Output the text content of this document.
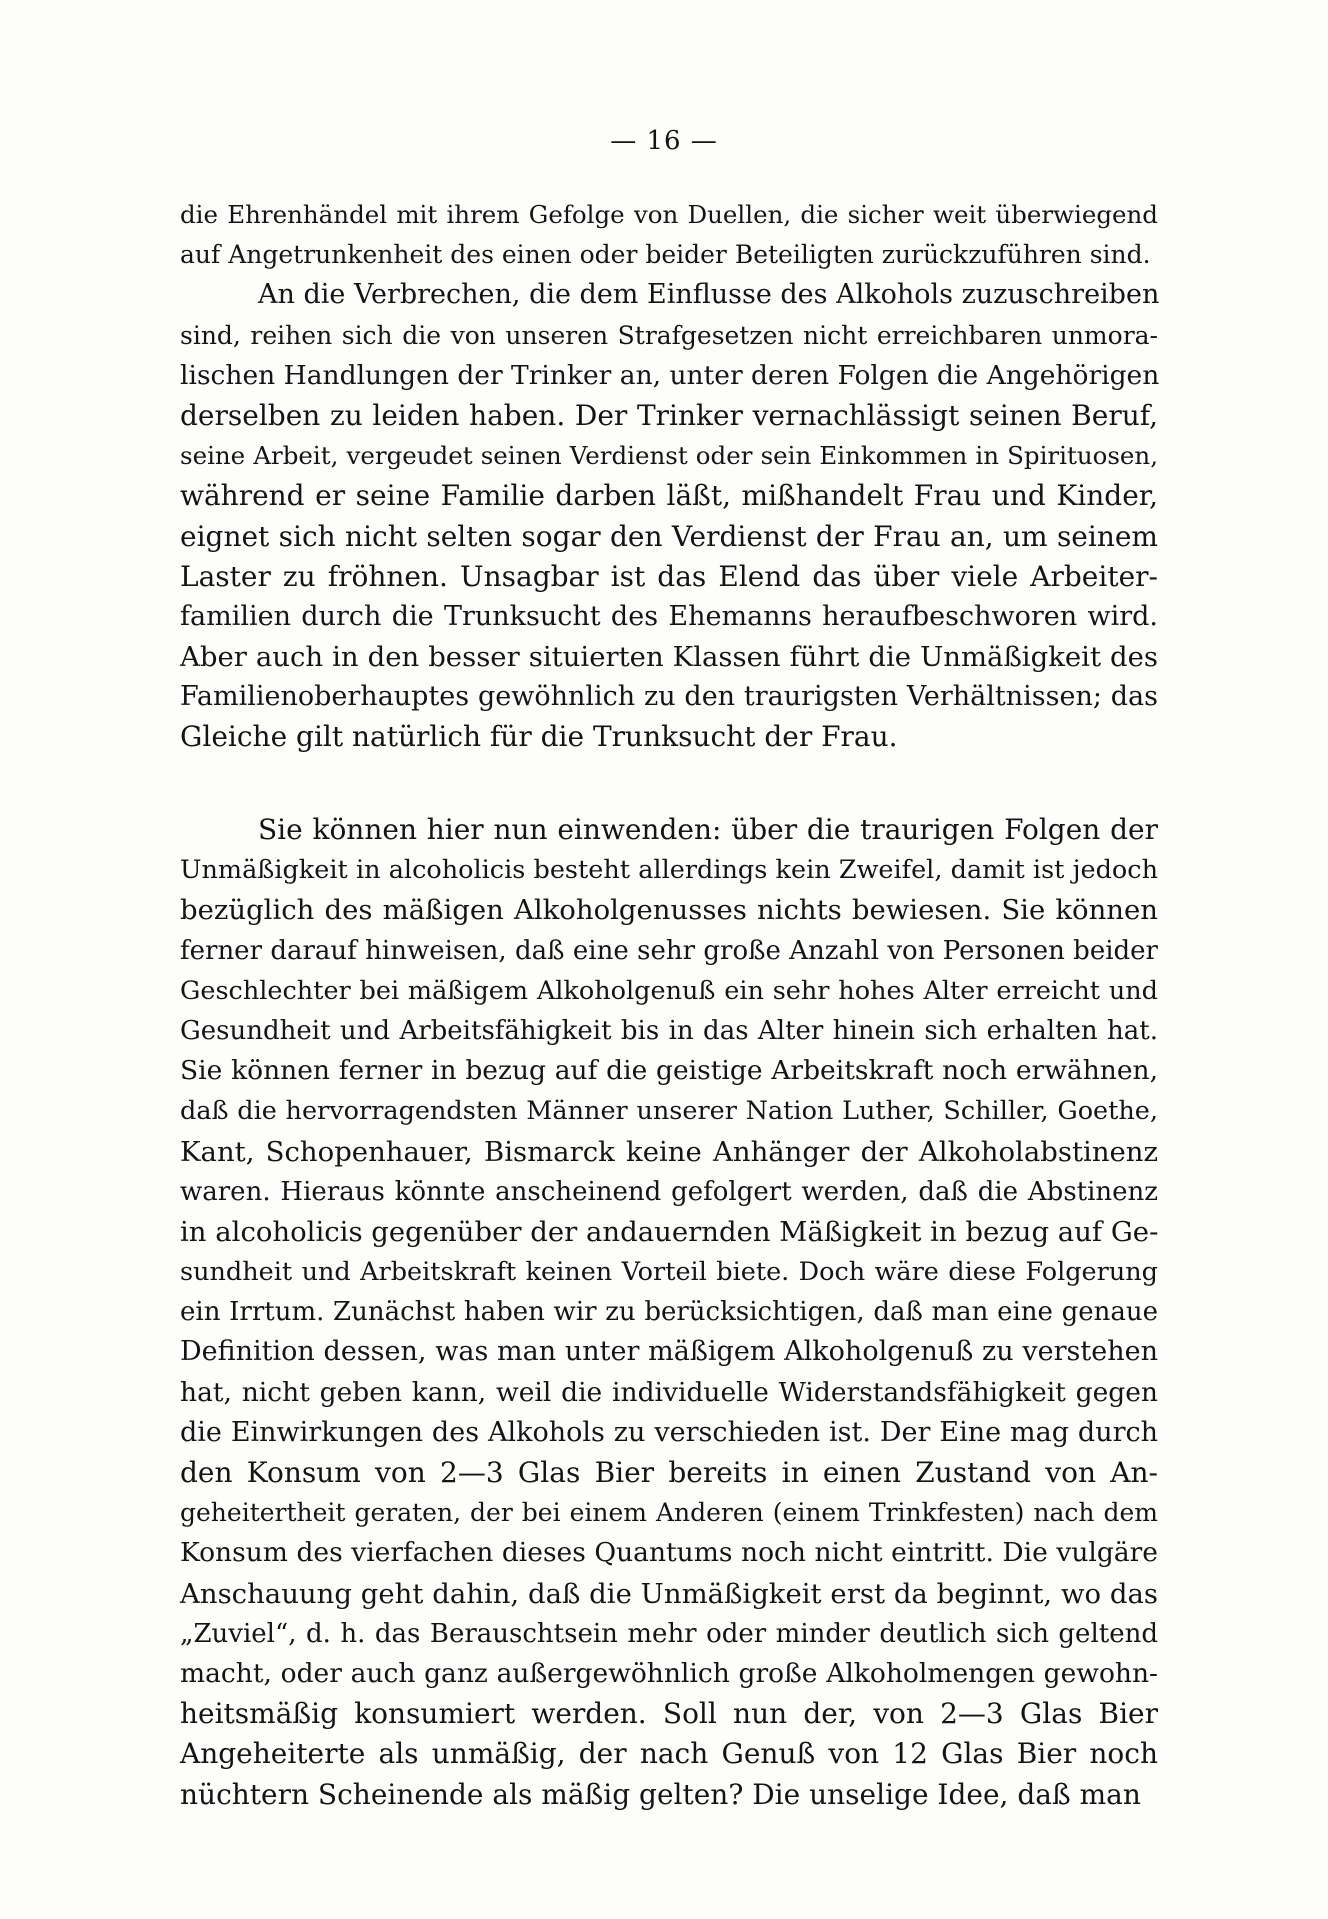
— 16 —
die Ehrenhändel mit ihrem Gefolge von Duellen, die sicher weit überwiegend
auf Angetrunkenheit des einen oder beider Beteiligten zurückzuführen sind.
An die Verbrechen, die dem Einflusse des Alkohols zuzuschreiben
sind, reihen sich die von unseren Strafgesetzen nicht erreichbaren unmora-
lischen Handlungen der Trinker an, unter deren Folgen die Angehörigen
derselben zu leiden haben. Der Trinker vernachlässigt seinen Beruf,
seine Arbeit, vergeudet seinen Verdienst oder sein Einkommen in Spirituosen,
während er seine Familie darben läßt, mißhandelt Frau und Kinder,
eignet sich nicht selten sogar den Verdienst der Frau an, um seinem
Laster zu fröhnen. Unsagbar ist das Elend das über viele Arbeiter-
familien durch die Trunksucht des Ehemanns heraufbeschworen wird.
Aber auch in den besser situierten Klassen führt die Unmäßigkeit des
Familienoberhauptes gewöhnlich zu den traurigsten Verhältnissen; das
Gleiche gilt natürlich für die Trunksucht der Frau.
Sie können hier nun einwenden: über die traurigen Folgen der
Unmäßigkeit in alcoholicis besteht allerdings kein Zweifel, damit ist jedoch
bezüglich des mäßigen Alkoholgenusses nichts bewiesen. Sie können
ferner darauf hinweisen, daß eine sehr große Anzahl von Personen beider
Geschlechter bei mäßigem Alkoholgenuß ein sehr hohes Alter erreicht und
Gesundheit und Arbeitsfähigkeit bis in das Alter hinein sich erhalten hat.
Sie können ferner in bezug auf die geistige Arbeitskraft noch erwähnen,
daß die hervorragendsten Männer unserer Nation Luther, Schiller, Goethe,
Kant, Schopenhauer, Bismarck keine Anhänger der Alkoholabstinenz
waren. Hieraus könnte anscheinend gefolgert werden, daß die Abstinenz
in alcoholicis gegenüber der andauernden Mäßigkeit in bezug auf Ge-
sundheit und Arbeitskraft keinen Vorteil biete. Doch wäre diese Folgerung
ein Irrtum. Zunächst haben wir zu berücksichtigen, daß man eine genaue
Definition dessen, was man unter mäßigem Alkoholgenuß zu verstehen
hat, nicht geben kann, weil die individuelle Widerstandsfähigkeit gegen
die Einwirkungen des Alkohols zu verschieden ist. Der Eine mag durch
den Konsum von 2—3 Glas Bier bereits in einen Zustand von An-
geheitertheit geraten, der bei einem Anderen (einem Trinkfesten) nach dem
Konsum des vierfachen dieses Quantums noch nicht eintritt. Die vulgäre
Anschauung geht dahin, daß die Unmäßigkeit erst da beginnt, wo das
„Zuviel“, d. h. das Berauschtsein mehr oder minder deutlich sich geltend
macht, oder auch ganz außergewöhnlich große Alkoholmengen gewohn-
heitsmäßig konsumiert werden. Soll nun der, von 2—3 Glas Bier
Angeheiterte als unmäßig, der nach Genuß von 12 Glas Bier noch
nüchtern Scheinende als mäßig gelten? Die unselige Idee, daß man
